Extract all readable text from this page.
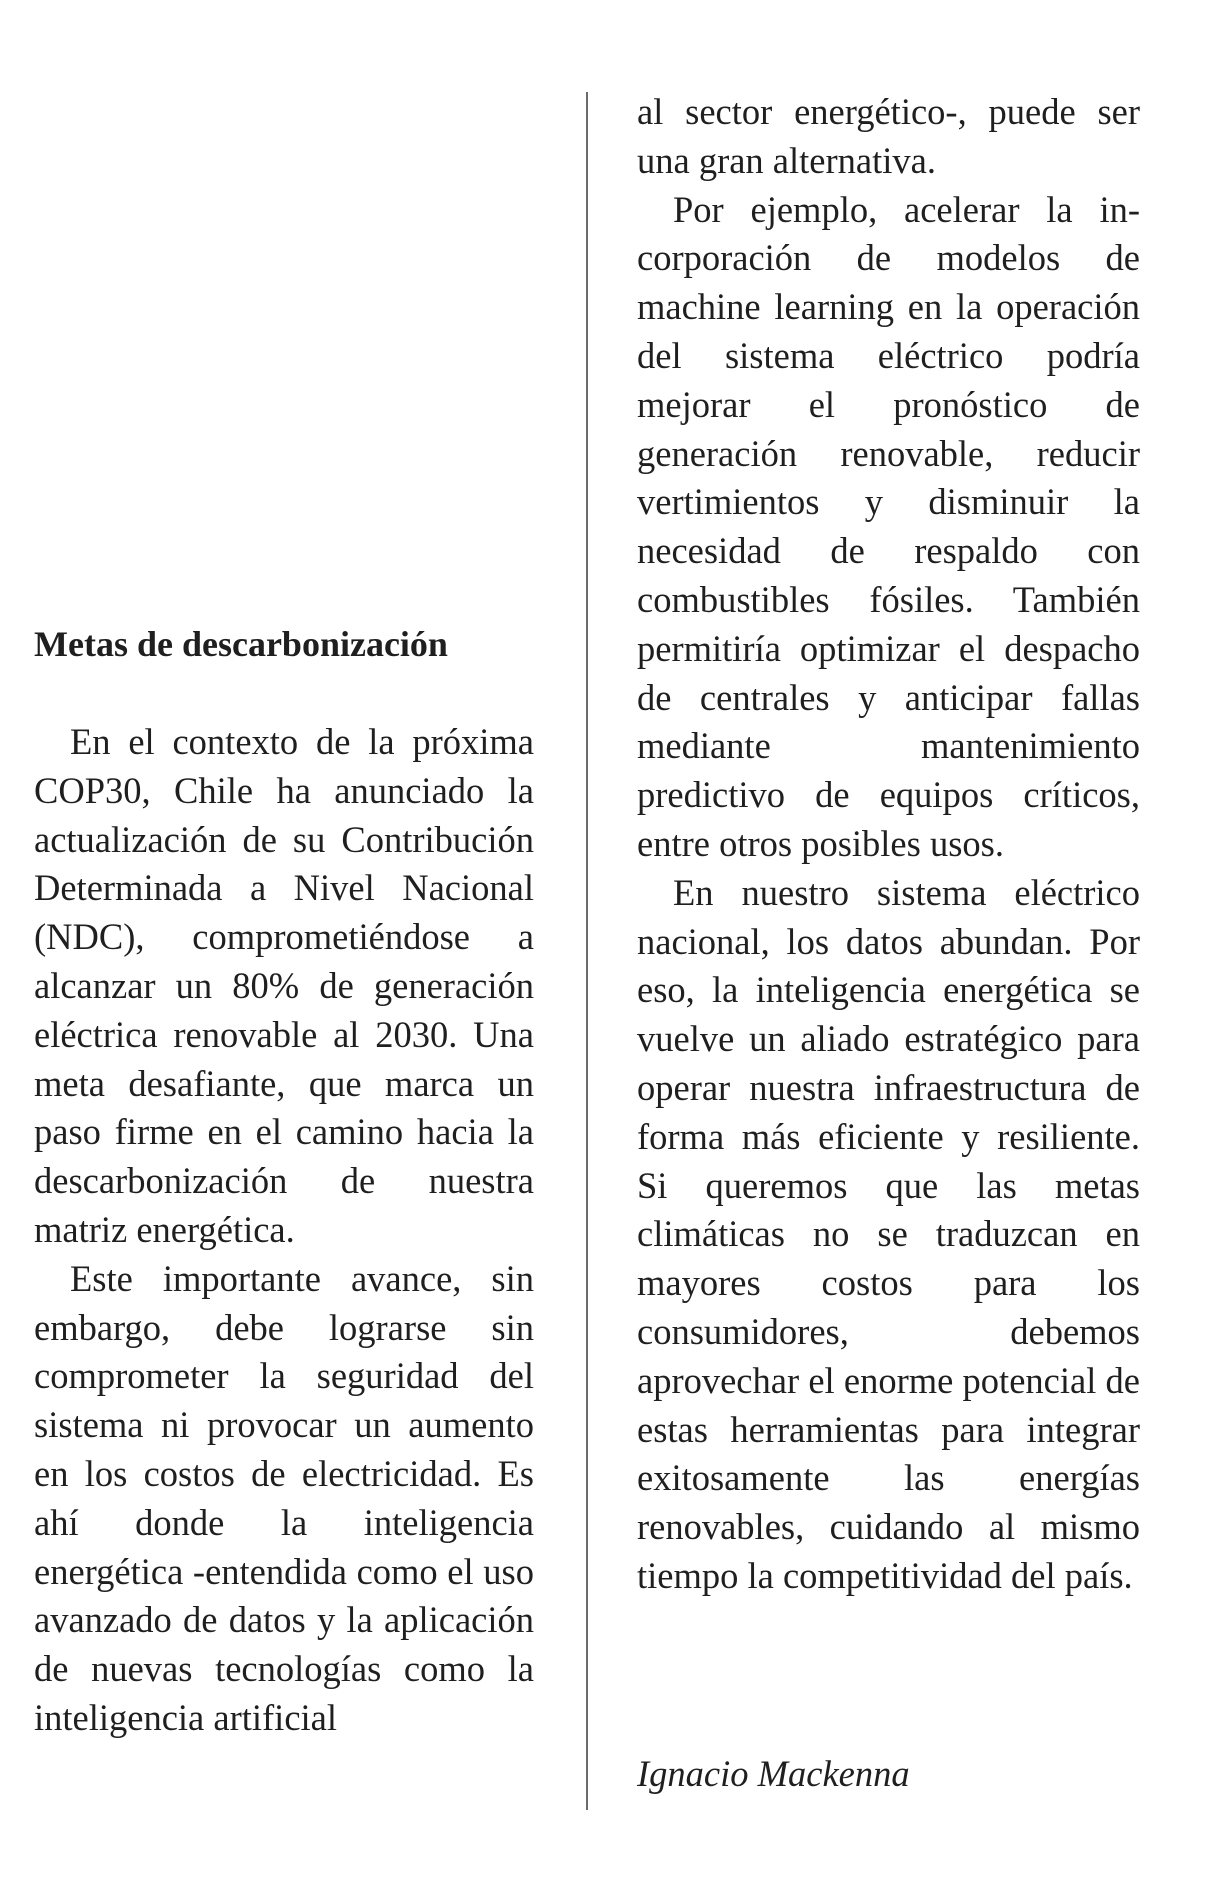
Metas de descarbonización

En el contexto de la próxima COP30, Chile ha anunciado la actualización de su Contribución Determinada a Nivel Nacional (NDC), comprometiéndose a alcanzar un 80% de generación eléctrica renovable al 2030. Una meta desafiante, que marca un paso firme en el camino hacia la descarbonización de nuestra matriz energética.

Este importante avance, sin embargo, debe lograrse sin comprometer la seguridad del sistema ni provocar un aumento en los costos de electricidad. Es ahí donde la inteligencia energética -entendida como el uso avanzado de datos y la aplicación de nuevas tecnologías como la inteligencia artificial

al sector energético-, puede ser una gran alternativa.

Por ejemplo, acelerar la incorporación de modelos de machine learning en la operación del sistema eléctrico podría mejorar el pronóstico de generación renovable, reducir vertimientos y disminuir la necesidad de respaldo con combustibles fósiles. También permitiría optimizar el despacho de centrales y anticipar fallas mediante mantenimiento predictivo de equipos críticos, entre otros posibles usos.

En nuestro sistema eléctrico nacional, los datos abundan. Por eso, la inteligencia energética se vuelve un aliado estratégico para operar nuestra infraestructura de forma más eficiente y resiliente. Si queremos que las metas climáticas no se traduzcan en mayores costos para los consumidores, debemos aprovechar el enorme potencial de estas herramientas para integrar exitosamente las energías renovables, cuidando al mismo tiempo la competitividad del país.

Ignacio Mackenna
